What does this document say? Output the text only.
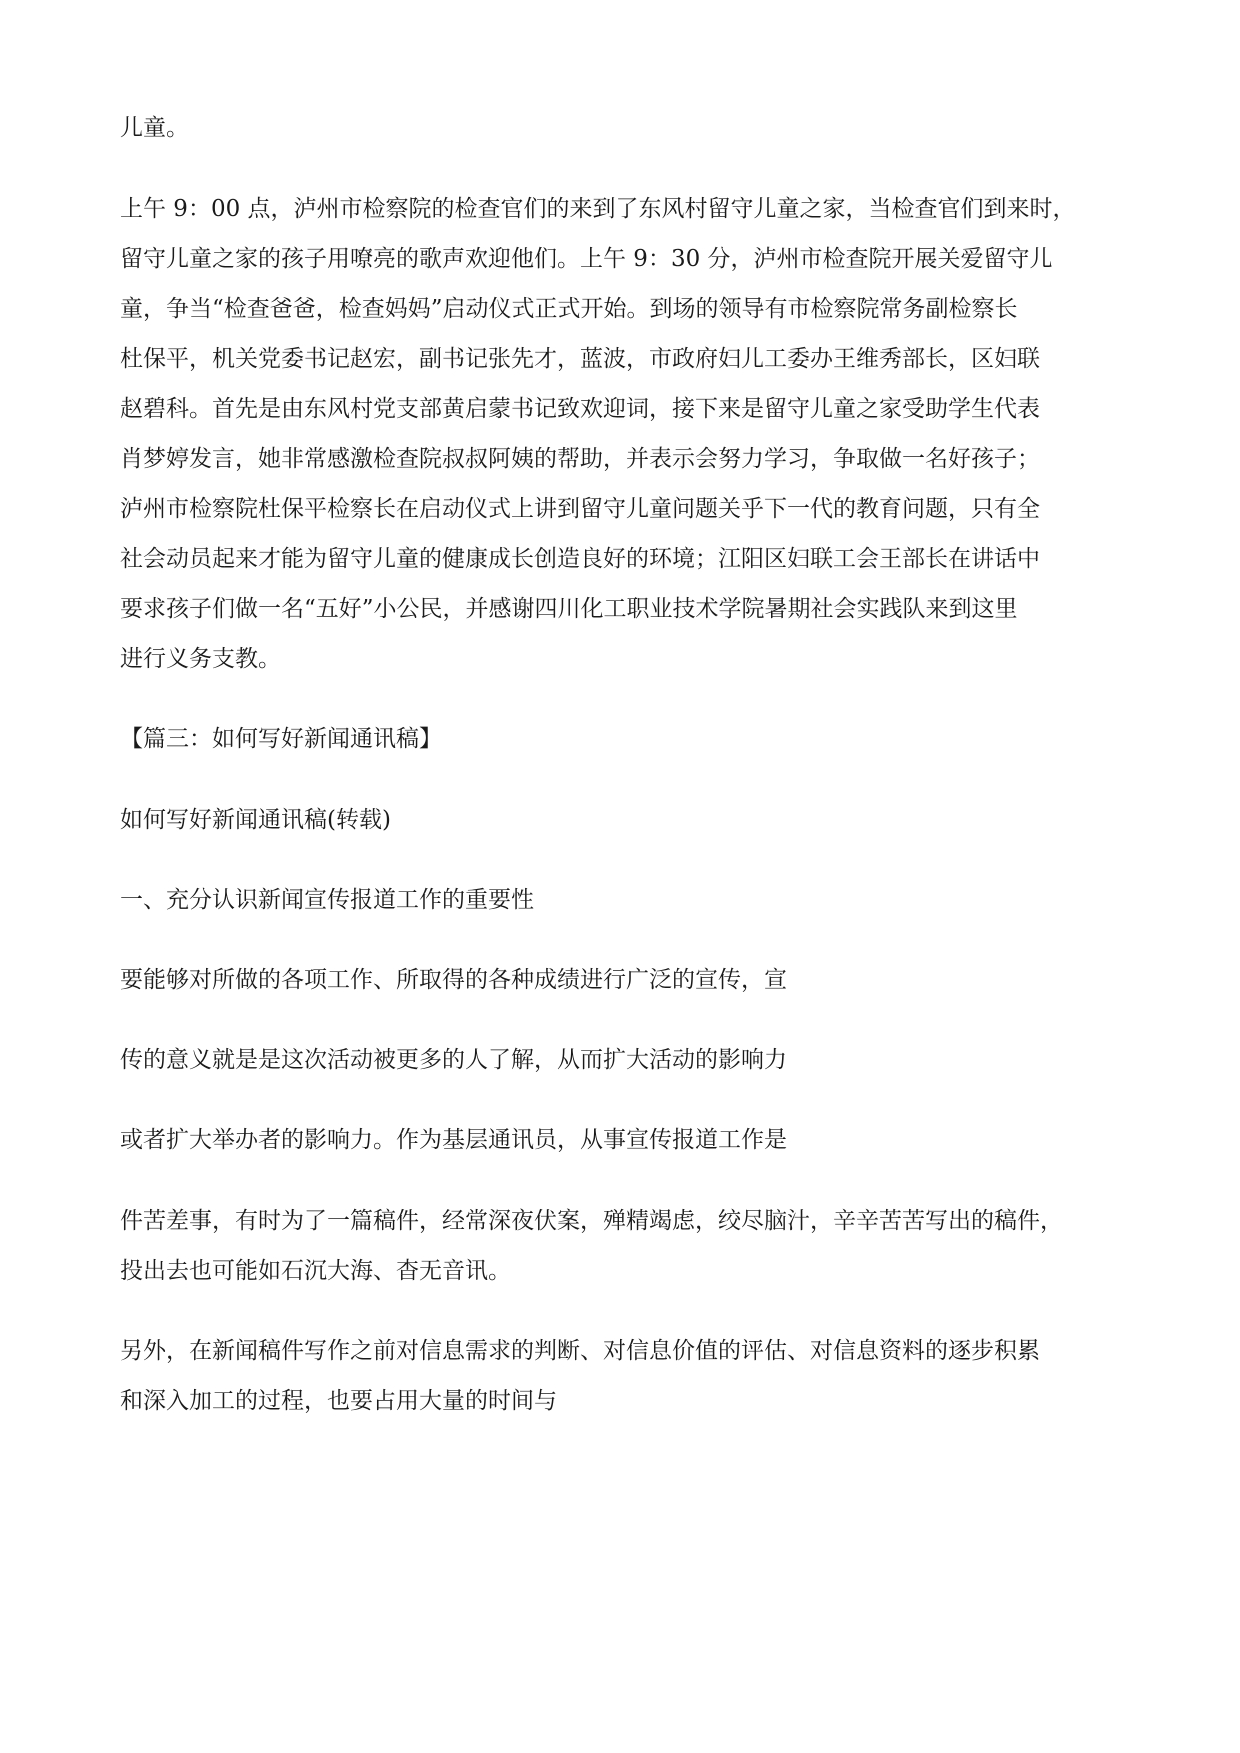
儿童。
上午 9：00 点，泸州市检察院的检查官们的来到了东风村留守儿童之家，当检查官们到来时，
留守儿童之家的孩子用嘹亮的歌声欢迎他们。上午 9：30 分，泸州市检查院开展关爱留守儿
童，争当“检查爸爸，检查妈妈”启动仪式正式开始。到场的领导有市检察院常务副检察长
杜保平，机关党委书记赵宏，副书记张先才，蓝波，市政府妇儿工委办王维秀部长，区妇联
赵碧科。首先是由东风村党支部黄启蒙书记致欢迎词，接下来是留守儿童之家受助学生代表
肖梦婷发言，她非常感激检查院叔叔阿姨的帮助，并表示会努力学习，争取做一名好孩子；
泸州市检察院杜保平检察长在启动仪式上讲到留守儿童问题关乎下一代的教育问题，只有全
社会动员起来才能为留守儿童的健康成长创造良好的环境；江阳区妇联工会王部长在讲话中
要求孩子们做一名“五好”小公民，并感谢四川化工职业技术学院暑期社会实践队来到这里
进行义务支教。
【篇三：如何写好新闻通讯稿】
如何写好新闻通讯稿(转载)
一、充分认识新闻宣传报道工作的重要性
要能够对所做的各项工作、所取得的各种成绩进行广泛的宣传，宣
传的意义就是是这次活动被更多的人了解，从而扩大活动的影响力
或者扩大举办者的影响力。作为基层通讯员，从事宣传报道工作是
件苦差事，有时为了一篇稿件，经常深夜伏案，殚精竭虑，绞尽脑汁，辛辛苦苦写出的稿件，
投出去也可能如石沉大海、杳无音讯。
另外，在新闻稿件写作之前对信息需求的判断、对信息价值的评估、对信息资料的逐步积累
和深入加工的过程，也要占用大量的时间与
